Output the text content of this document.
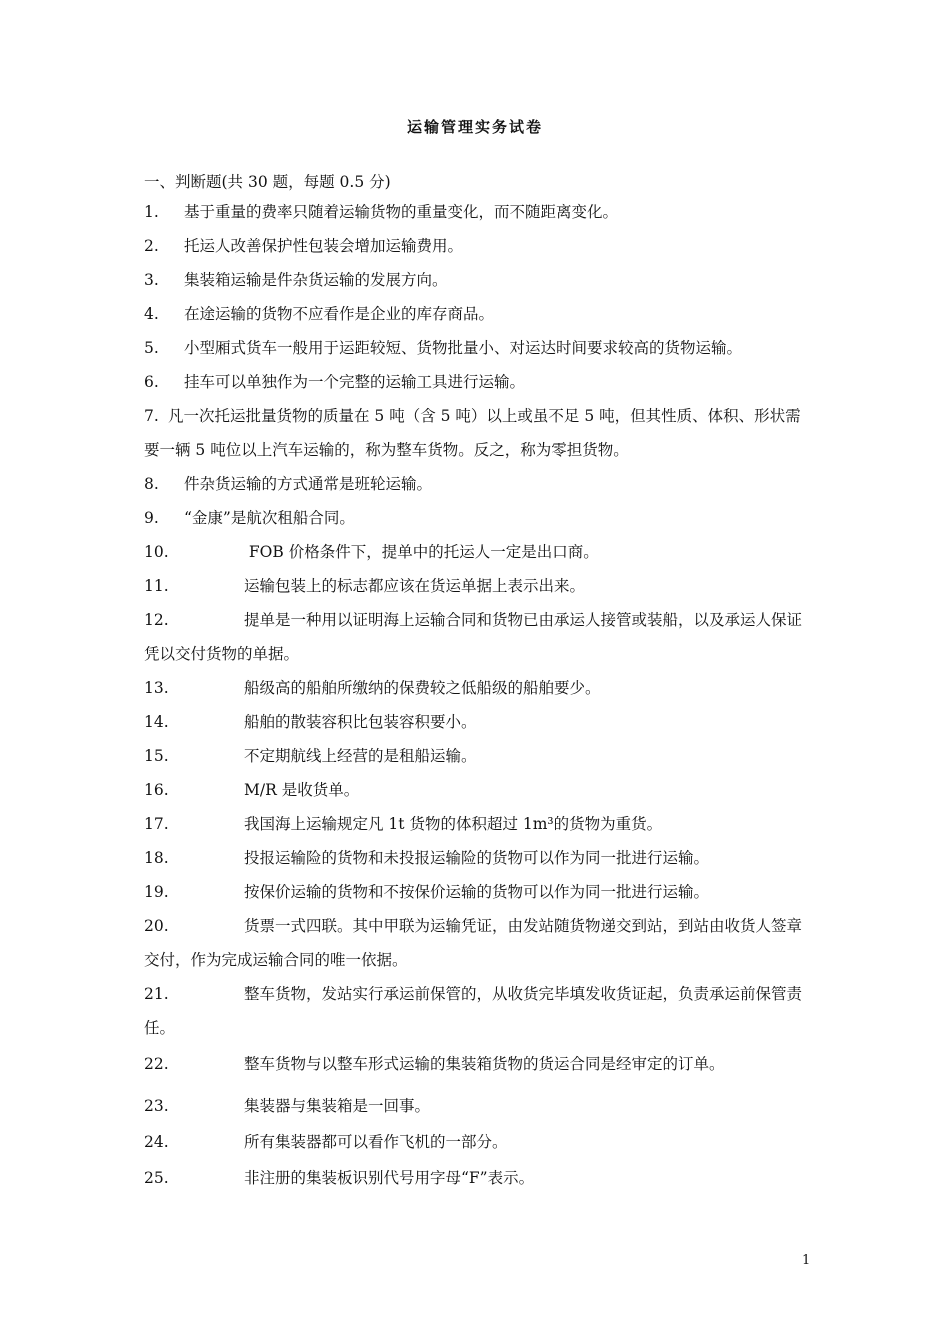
运输管理实务试卷
一、判断题(共 30 题，每题 0.5 分)
1. 基于重量的费率只随着运输货物的重量变化，而不随距离变化。
2. 托运人改善保护性包装会增加运输费用。
3. 集装箱运输是件杂货运输的发展方向。
4. 在途运输的货物不应看作是企业的库存商品。
5. 小型厢式货车一般用于运距较短、货物批量小、对运达时间要求较高的货物运输。
6. 挂车可以单独作为一个完整的运输工具进行运输。
7. 凡一次托运批量货物的质量在 5 吨（含 5 吨）以上或虽不足 5 吨，但其性质、体积、形状需要一辆 5 吨位以上汽车运输的，称为整车货物。反之，称为零担货物。
8. 件杂货运输的方式通常是班轮运输。
9. “金康”是航次租船合同。
10.	FOB 价格条件下，提单中的托运人一定是出口商。
11.	运输包装上的标志都应该在货运单据上表示出来。
12.	提单是一种用以证明海上运输合同和货物已由承运人接管或装船，以及承运人保证凭以交付货物的单据。
13.	船级高的船舶所缴纳的保费较之低船级的船舶要少。
14.	船舶的散装容积比包装容积要小。
15.	不定期航线上经营的是租船运输。
16.	M/R 是收货单。
17.	我国海上运输规定凡 1t 货物的体积超过 1m³的货物为重货。
18.	投报运输险的货物和未投报运输险的货物可以作为同一批进行运输。
19.	按保价运输的货物和不按保价运输的货物可以作为同一批进行运输。
20.	货票一式四联。其中甲联为运输凭证，由发站随货物递交到站，到站由收货人签章交付，作为完成运输合同的唯一依据。
21.	整车货物，发站实行承运前保管的，从收货完毕填发收货证起，负责承运前保管责任。
22.	整车货物与以整车形式运输的集装箱货物的货运合同是经审定的订单。
23.	集装器与集装箱是一回事。
24.	所有集装器都可以看作飞机的一部分。
25.	非注册的集装板识别代号用字母“F”表示。
1
